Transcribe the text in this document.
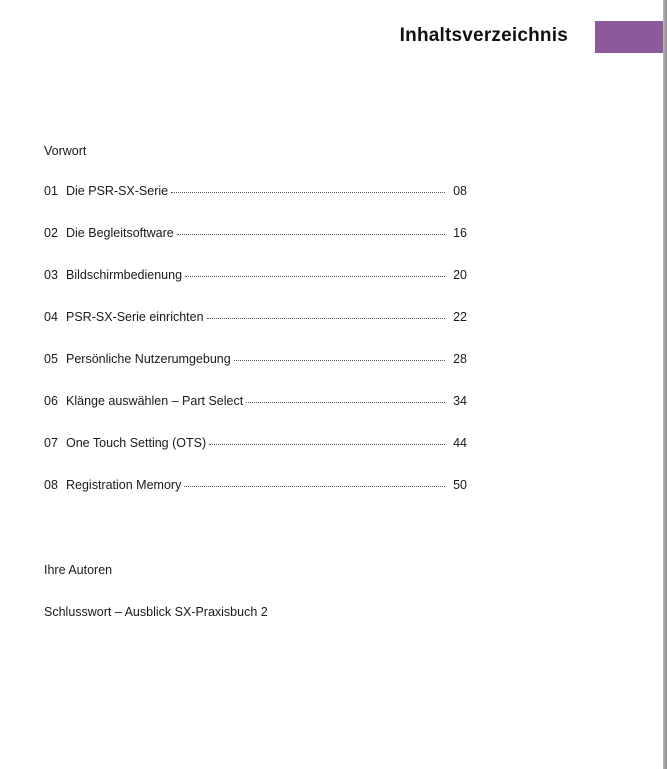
Inhaltsverzeichnis
Vorwort
01 Die PSR-SX-Serie	08
02 Die Begleitsoftware	16
03 Bildschirmbedienung	20
04 PSR-SX-Serie einrichten	22
05 Persönliche Nutzerumgebung	28
06 Klänge auswählen – Part Select	34
07 One Touch Setting (OTS)	44
08 Registration Memory	50
Ihre Autoren
Schlusswort – Ausblick SX-Praxisbuch 2
